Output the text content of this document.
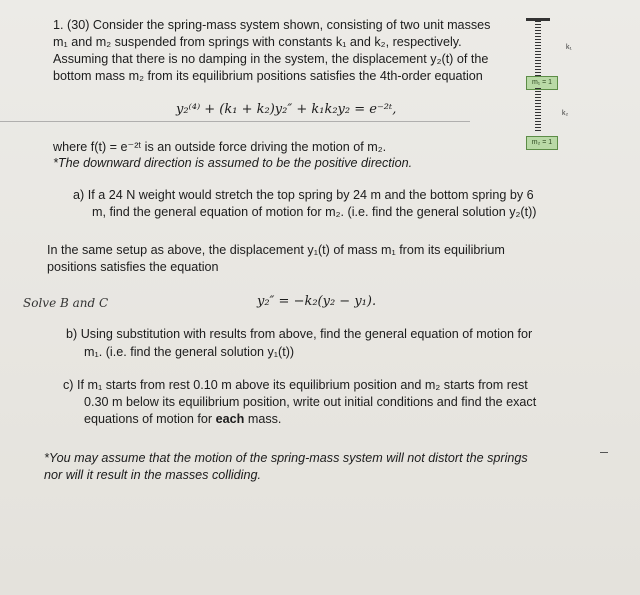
1. (30) Consider the spring-mass system shown, consisting of two unit masses
m₁ and m₂ suspended from springs with constants k₁ and k₂, respectively.
Assuming that there is no damping in the system, the displacement y₂(t) of the
bottom mass m₂ from its equilibrium positions satisfies the 4th-order equation
y₂⁽⁴⁾ + (k₁ + k₂)y₂″ + k₁k₂y₂ = e⁻²ᵗ,
where f(t) = e⁻²ᵗ is an outside force driving the motion of m₂.
*The downward direction is assumed to be the positive direction.
a) If a 24 N weight would stretch the top spring by 24 m and the bottom spring by 6
m, find the general equation of motion for m₂. (i.e. find the general solution y₂(t))
In the same setup as above, the displacement y₁(t) of mass m₁ from its equilibrium
positions satisfies the equation
Solve B and C	y₂″ = −k₂(y₂ − y₁).
b) Using substitution with results from above, find the general equation of motion for
m₁. (i.e. find the general solution y₁(t))
c) If m₁ starts from rest 0.10 m above its equilibrium position and m₂ starts from rest
0.30 m below its equilibrium position, write out initial conditions and find the exact
equations of motion for each mass.
*You may assume that the motion of the spring-mass system will not distort the springs
nor will it result in the masses colliding.
k₁
m₁ = 1
k₂
m₂ = 1
